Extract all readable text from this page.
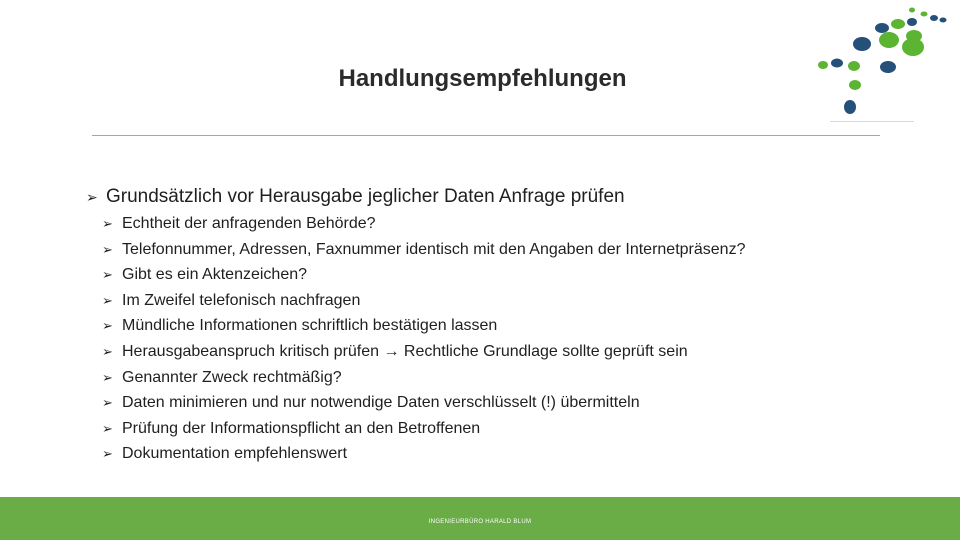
Handlungsempfehlungen
➢ Grundsätzlich vor Herausgabe jeglicher Daten Anfrage prüfen
➢ Echtheit der anfragenden Behörde?
➢ Telefonnummer, Adressen, Faxnummer identisch mit den Angaben der Internetpräsenz?
➢ Gibt es ein Aktenzeichen?
➢ Im Zweifel telefonisch nachfragen
➢ Mündliche Informationen schriftlich bestätigen lassen
➢ Herausgabeanspruch kritisch prüfen → Rechtliche Grundlage sollte geprüft sein
➢ Genannter Zweck rechtmäßig?
➢ Daten minimieren und nur notwendige Daten verschlüsselt (!) übermitteln
➢ Prüfung der Informationspflicht an den Betroffenen
➢ Dokumentation empfehlenswert
INGENIEURBÜRO HARALD BLUM
